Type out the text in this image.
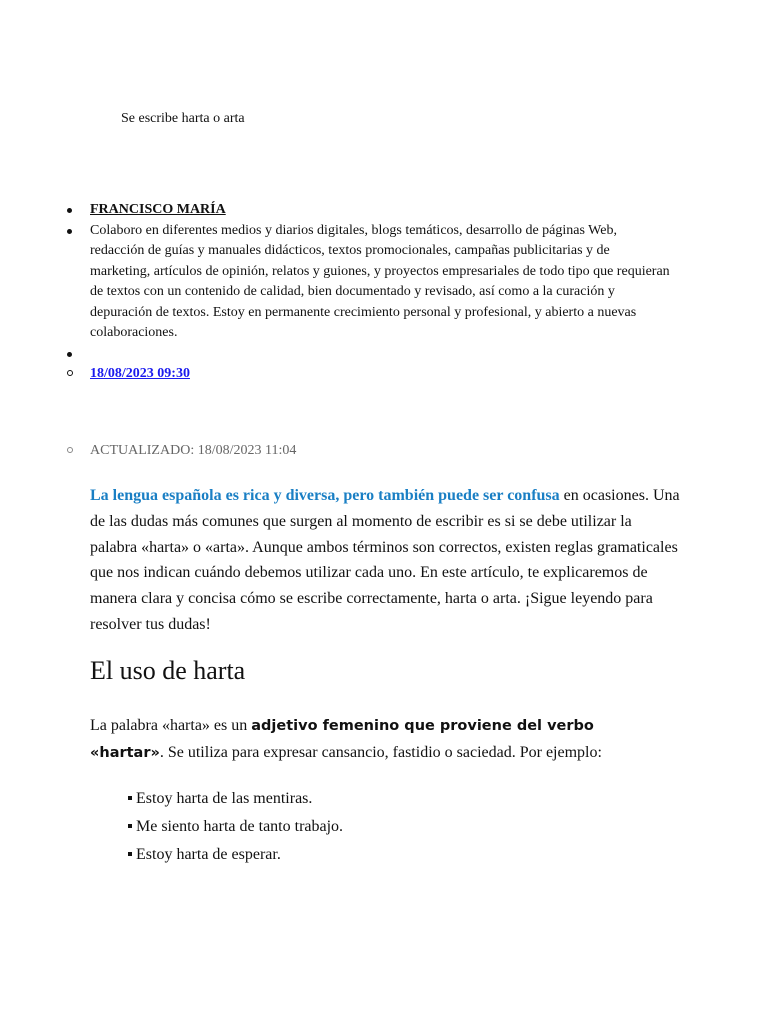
Se escribe harta o arta
FRANCISCO MARÍA
Colaboro en diferentes medios y diarios digitales, blogs temáticos, desarrollo de páginas Web, redacción de guías y manuales didácticos, textos promocionales, campañas publicitarias y de marketing, artículos de opinión, relatos y guiones, y proyectos empresariales de todo tipo que requieran de textos con un contenido de calidad, bien documentado y revisado, así como a la curación y depuración de textos. Estoy en permanente crecimiento personal y profesional, y abierto a nuevas colaboraciones.
18/08/2023 09:30
ACTUALIZADO: 18/08/2023 11:04

La lengua española es rica y diversa, pero también puede ser confusa en ocasiones. Una de las dudas más comunes que surgen al momento de escribir es si se debe utilizar la palabra «harta» o «arta». Aunque ambos términos son correctos, existen reglas gramaticales que nos indican cuándo debemos utilizar cada uno. En este artículo, te explicaremos de manera clara y concisa cómo se escribe correctamente, harta o arta. ¡Sigue leyendo para resolver tus dudas!

El uso de harta

La palabra «harta» es un adjetivo femenino que proviene del verbo «hartar». Se utiliza para expresar cansancio, fastidio o saciedad. Por ejemplo:

Estoy harta de las mentiras.
Me siento harta de tanto trabajo.
Estoy harta de esperar.
